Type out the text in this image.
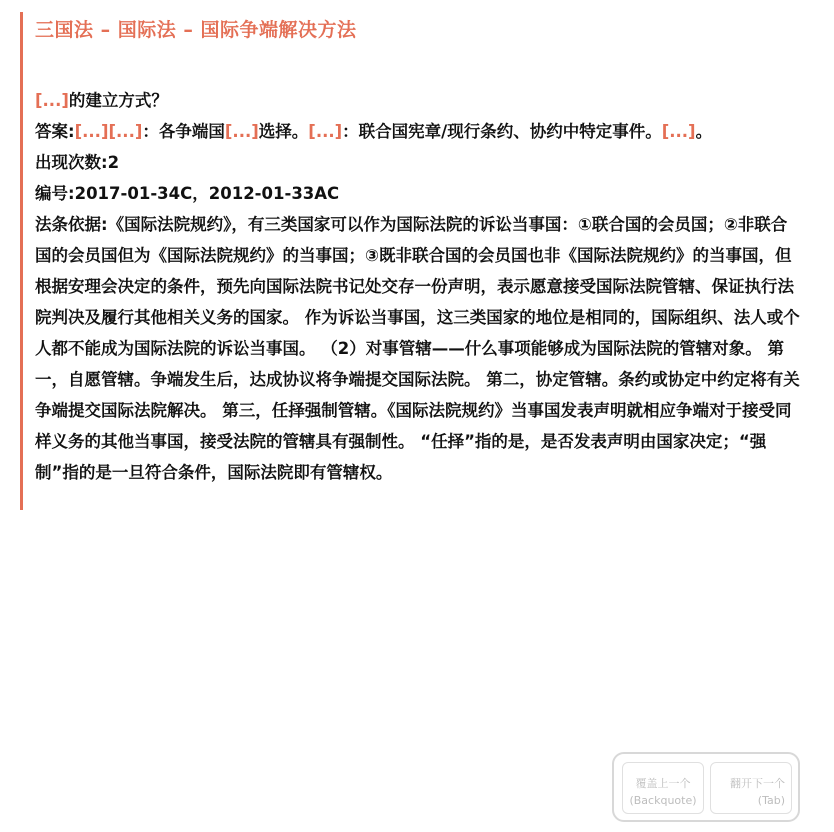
三国法 – 国际法 – 国际争端解决方法
[...]的建立方式？
答案:[...][...]：各争端国[...]选择。[...]：联合国宪章/现行条约、协约中特定事件。[...]。
出现次数:2
编号:2017-01-34C，2012-01-33AC
法条依据:《国际法院规约》，有三类国家可以作为国际法院的诉讼当事国：①联合国的会员国；②非联合国的会员国但为《国际法院规约》的当事国；③既非联合国的会员国也非《国际法院规约》的当事国，但根据安理会决定的条件，预先向国际法院书记处交存一份声明，表示愿意接受国际法院管辖、保证执行法院判决及履行其他相关义务的国家。 作为诉讼当事国，这三类国家的地位是相同的，国际组织、法人或个人都不能成为国际法院的诉讼当事国。 （2）对事管辖——什么事项能够成为国际法院的管辖对象。 第一，自愿管辖。争端发生后，达成协议将争端提交国际法院。 第二，协定管辖。条约或协定中约定将有关争端提交国际法院解决。 第三，任择强制管辖。《国际法院规约》当事国发表声明就相应争端对于接受同样义务的其他当事国，接受法院的管辖具有强制性。 “任择”指的是，是否发表声明由国家决定；“强制”指的是一旦符合条件，国际法院即有管辖权。
覆盖上一个
(Backquote)
翻开下一个
(Tab)
